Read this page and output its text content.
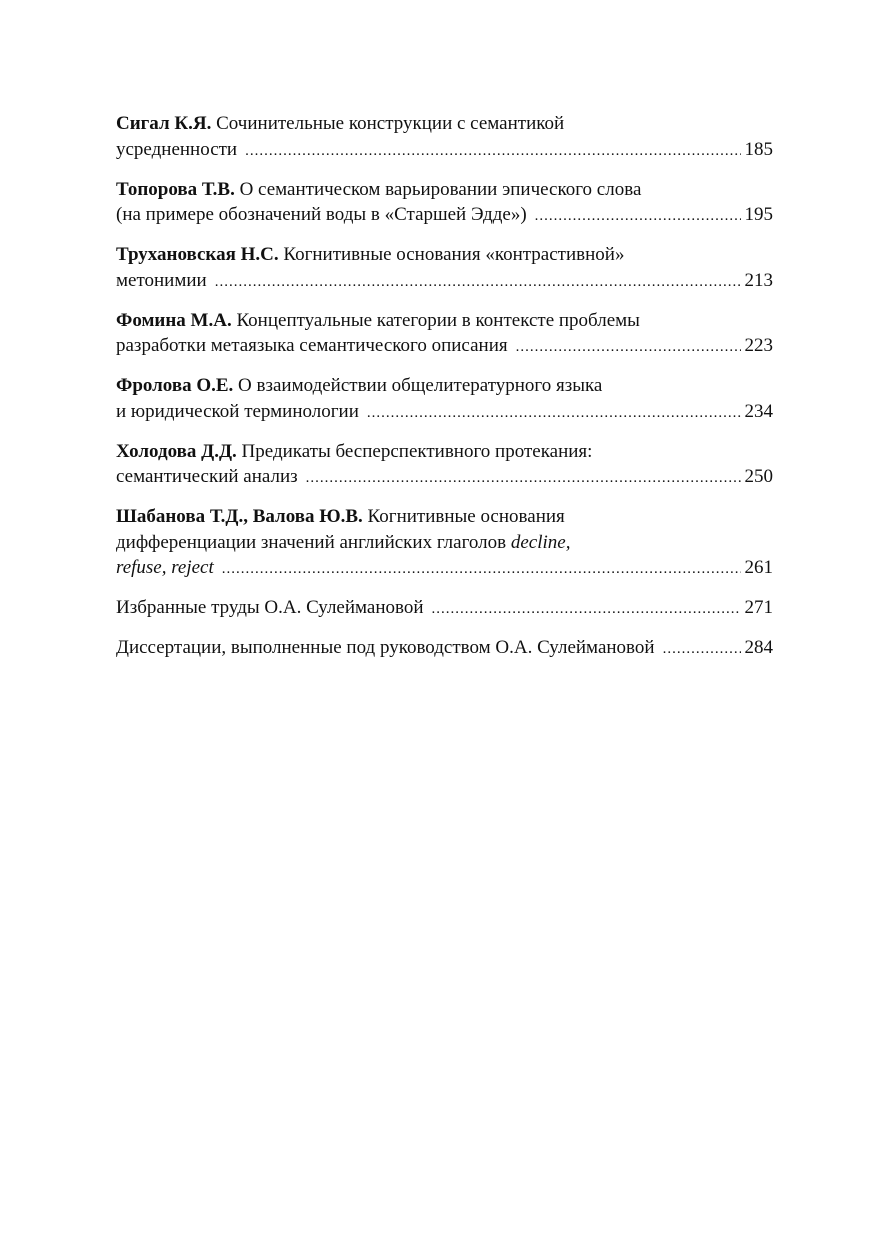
Сигал К.Я. Сочинительные конструкции с семантикой
усредненности .....	185
Топорова Т.В. О семантическом варьировании эпического слова
(на примере обозначений воды в «Старшей Эдде») .....	195
Трухановская Н.С. Когнитивные основания «контрастивной»
метонимии .....	213
Фомина М.А. Концептуальные категории в контексте проблемы
разработки метаязыка семантического описания .....	223
Фролова О.Е. О взаимодействии общелитературного языка
и юридической терминологии .....	234
Холодова Д.Д. Предикаты бесперспективного протекания:
семантический анализ .....	250
Шабанова Т.Д., Валова Ю.В. Когнитивные основания
дифференциации значений английских глаголов decline,
refuse, reject .....	261
Избранные труды О.А. Сулеймановой .....	271
Диссертации, выполненные под руководством О.А. Сулеймановой .....	284
